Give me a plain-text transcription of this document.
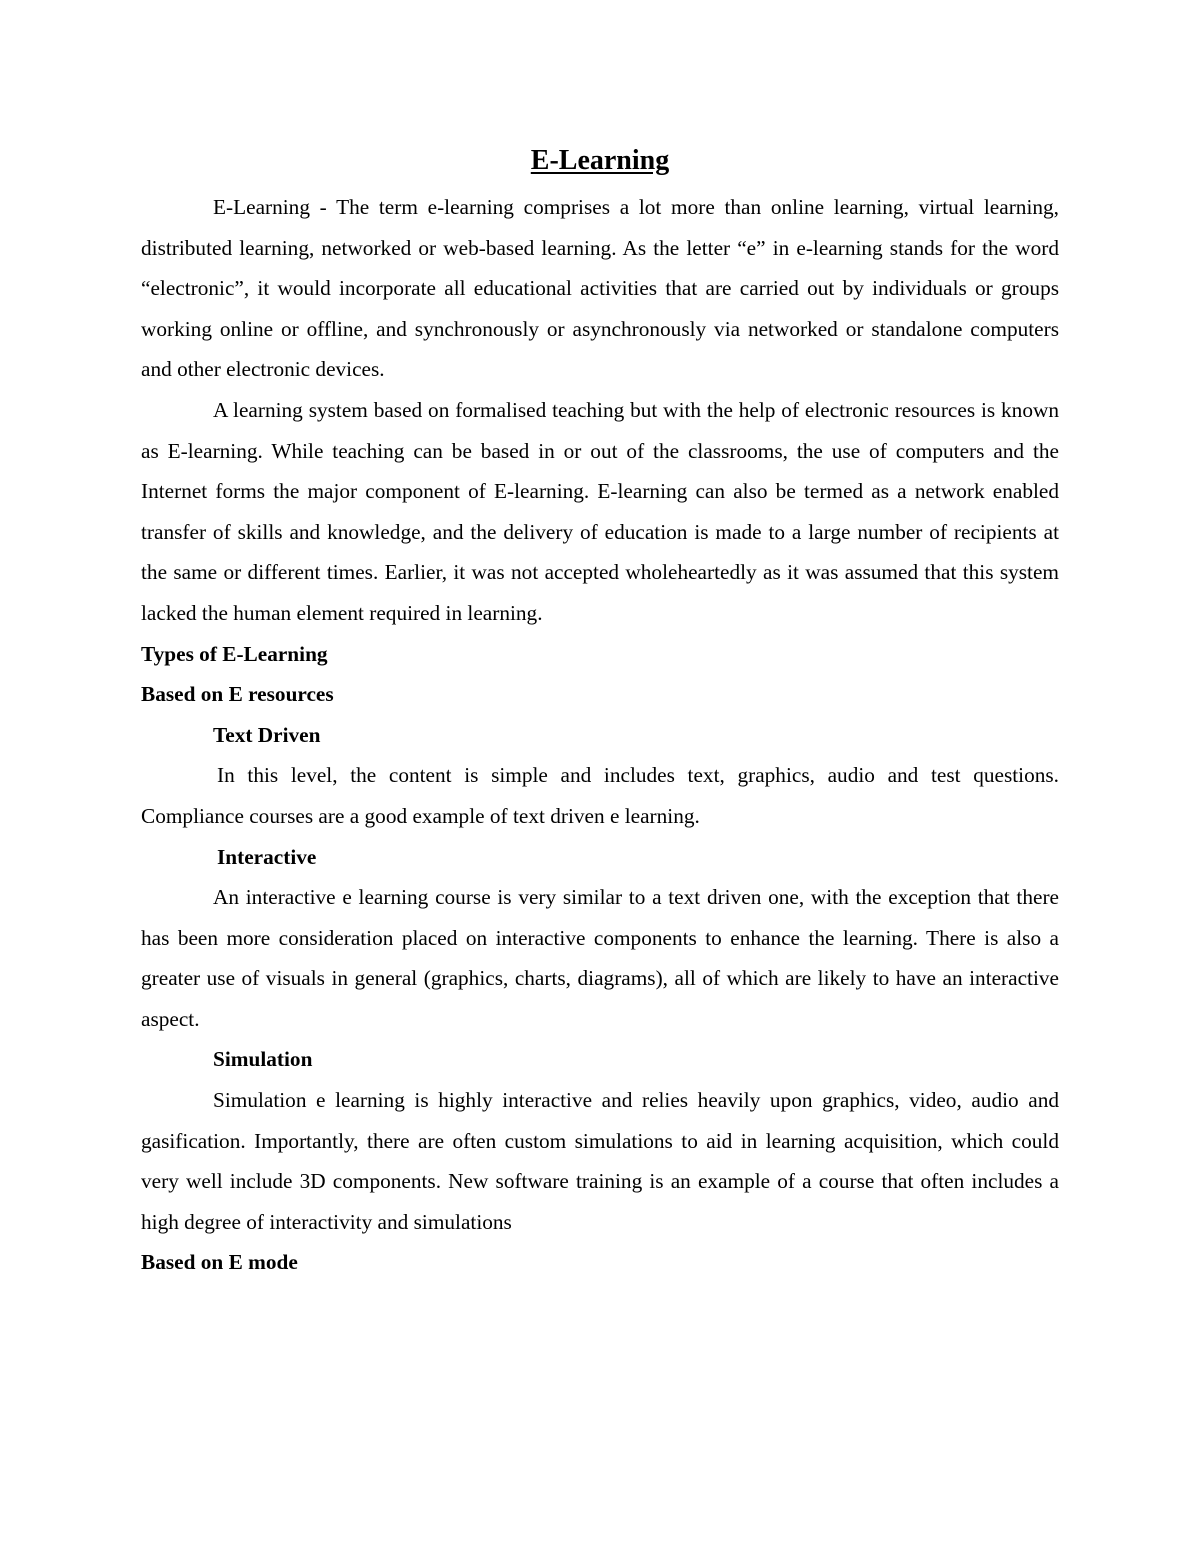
E-Learning

E-Learning - The term e-learning comprises a lot more than online learning, virtual learning, distributed learning, networked or web-based learning. As the letter “e” in e-learning stands for the word “electronic”, it would incorporate all educational activities that are carried out by individuals or groups working online or offline, and synchronously or asynchronously via networked or standalone computers and other electronic devices.

A learning system based on formalised teaching but with the help of electronic resources is known as E-learning. While teaching can be based in or out of the classrooms, the use of computers and the Internet forms the major component of E-learning. E-learning can also be termed as a network enabled transfer of skills and knowledge, and the delivery of education is made to a large number of recipients at the same or different times. Earlier, it was not accepted wholeheartedly as it was assumed that this system lacked the human element required in learning.

Types of E-Learning

Based on E resources

Text Driven

In this level, the content is simple and includes text, graphics, audio and test questions. Compliance courses are a good example of text driven e learning.

Interactive

An interactive e learning course is very similar to a text driven one, with the exception that there has been more consideration placed on interactive components to enhance the learning. There is also a greater use of visuals in general (graphics, charts, diagrams), all of which are likely to have an interactive aspect.

Simulation

Simulation e learning is highly interactive and relies heavily upon graphics, video, audio and gasification. Importantly, there are often custom simulations to aid in learning acquisition, which could very well include 3D components. New software training is an example of a course that often includes a high degree of interactivity and simulations

Based on E mode
